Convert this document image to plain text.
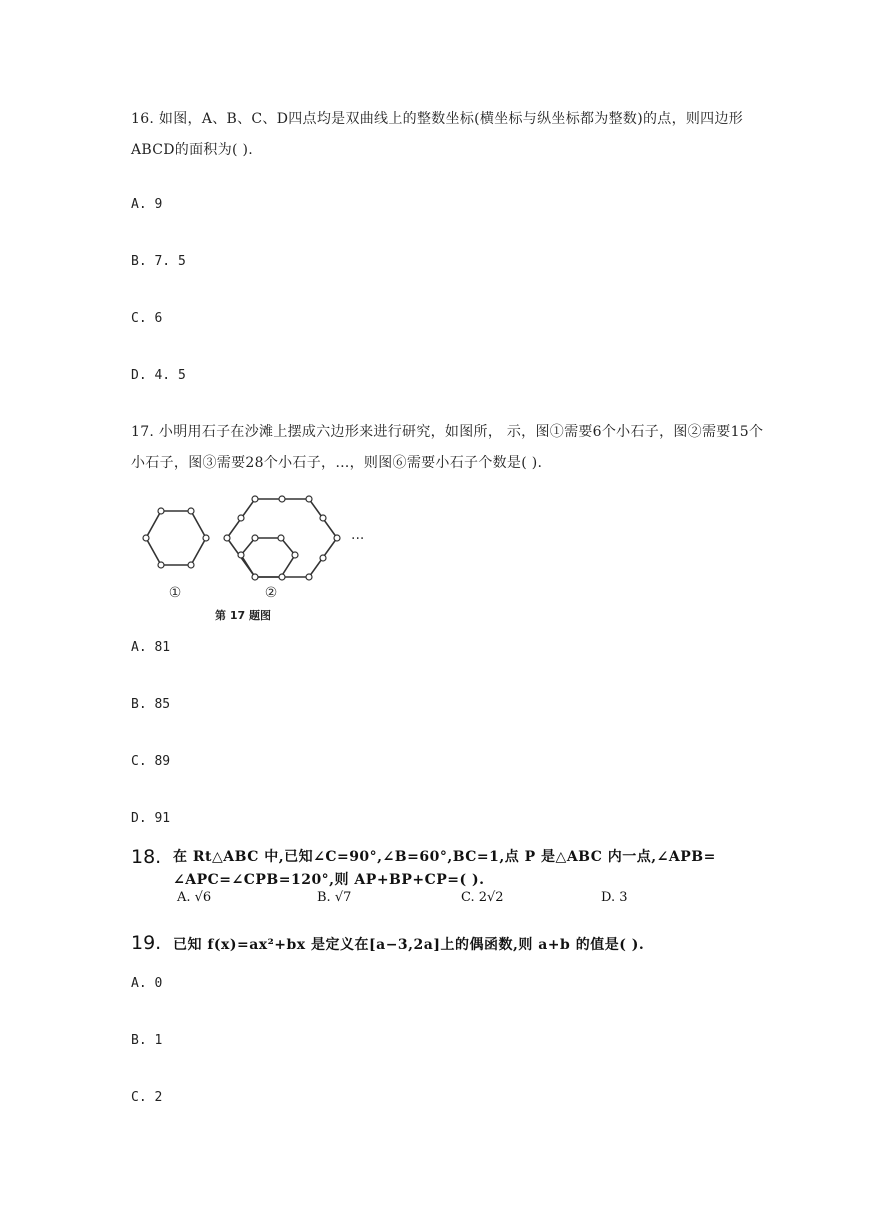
16. 如图，A、B、C、D四点均是双曲线上的整数坐标(横坐标与纵坐标都为整数)的点，则四边形ABCD的面积为( ).
A. 9
B. 7. 5
C. 6
D. 4. 5
17. 小明用石子在沙滩上摆成六边形来进行研究，如图所， 示，图①需要6个小石子，图②需要15个小石子，图③需要28个小石子，…，则图⑥需要小石子个数是( ).
①
···
②
第 17 题图
A. 81
B. 85
C. 89
D. 91
18. 在 Rt△ABC 中,已知∠C=90°,∠B=60°,BC=1,点 P 是△ABC 内一点,∠APB=
∠APC=∠CPB=120°,则 AP+BP+CP=( ).
A. √6	B. √7	C. 2√2	D. 3
19. 已知 f(x)=ax²+bx 是定义在[a−3,2a]上的偶函数,则 a+b 的值是( ).
A. 0
B. 1
C. 2
